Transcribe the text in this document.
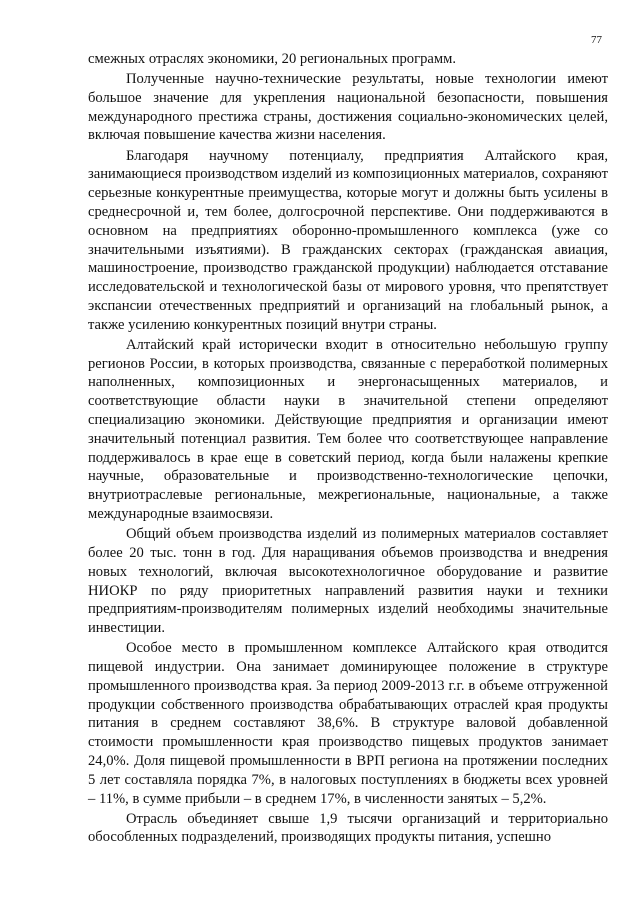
77

смежных отраслях экономики, 20 региональных программ.

Полученные научно-технические результаты, новые технологии имеют большое значение для укрепления национальной безопасности, повышения международного престижа страны, достижения социально-экономических целей, включая повышение качества жизни населения.

Благодаря научному потенциалу, предприятия Алтайского края, занимающиеся производством изделий из композиционных материалов, сохраняют серьезные конкурентные преимущества, которые могут и должны быть усилены в среднесрочной и, тем более, долгосрочной перспективе. Они поддерживаются в основном на предприятиях оборонно-промышленного комплекса (уже со значительными изъятиями). В гражданских секторах (гражданская авиация, машиностроение, производство гражданской продукции) наблюдается отставание исследовательской и технологической базы от мирового уровня, что препятствует экспансии отечественных предприятий и организаций на глобальный рынок, а также усилению конкурентных позиций внутри страны.

Алтайский край исторически входит в относительно небольшую группу регионов России, в которых производства, связанные с переработкой полимерных наполненных, композиционных и энергонасыщенных материалов, и соответствующие области науки в значительной степени определяют специализацию экономики. Действующие предприятия и организации имеют значительный потенциал развития. Тем более что соответствующее направление поддерживалось в крае еще в советский период, когда были налажены крепкие научные, образовательные и производственно-технологические цепочки, внутриотраслевые региональные, межрегиональные, национальные, а также международные взаимосвязи.

Общий объем производства изделий из полимерных материалов составляет более 20 тыс. тонн в год. Для наращивания объемов производства и внедрения новых технологий, включая высокотехнологичное оборудование и развитие НИОКР по ряду приоритетных направлений развития науки и техники предприятиям-производителям полимерных изделий необходимы значительные инвестиции.

Особое место в промышленном комплексе Алтайского края отводится пищевой индустрии. Она занимает доминирующее положение в структуре промышленного производства края. За период 2009-2013 г.г. в объеме отгруженной продукции собственного производства обрабатывающих отраслей края продукты питания в среднем составляют 38,6%. В структуре валовой добавленной стоимости промышленности края производство пищевых продуктов занимает 24,0%. Доля пищевой промышленности в ВРП региона на протяжении последних 5 лет составляла порядка 7%, в налоговых поступлениях в бюджеты всех уровней – 11%, в сумме прибыли – в среднем 17%, в численности занятых – 5,2%.

Отрасль объединяет свыше 1,9 тысячи организаций и территориально обособленных подразделений, производящих продукты питания, успешно
